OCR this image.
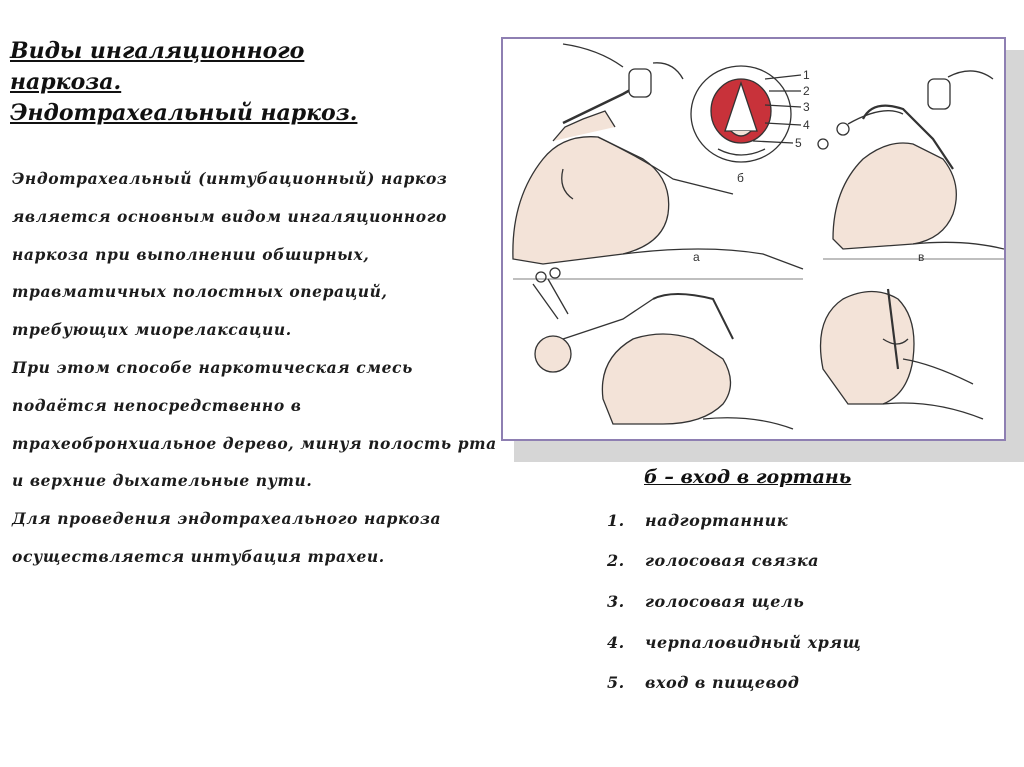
Виды ингаляционного
наркоза.
Эндотрахеальный наркоз.

Эндотрахеальный (интубационный) наркоз является основным видом ингаляционного наркоза при выполнении обширных, травматичных полостных операций, требующих миорелаксации.

При этом способе наркотическая смесь подаётся непосредственно в трахеобронхиальное дерево, минуя полость рта и верхние дыхательные пути.

Для проведения эндотрахеального наркоза осуществляется интубация трахеи.

а
б
в
1
2
3
4
5
б – вход в гортань
1.	надгортанник
2.	голосовая связка
3.	голосовая щель
4.	черпаловидный хрящ
5.	вход в пищевод
